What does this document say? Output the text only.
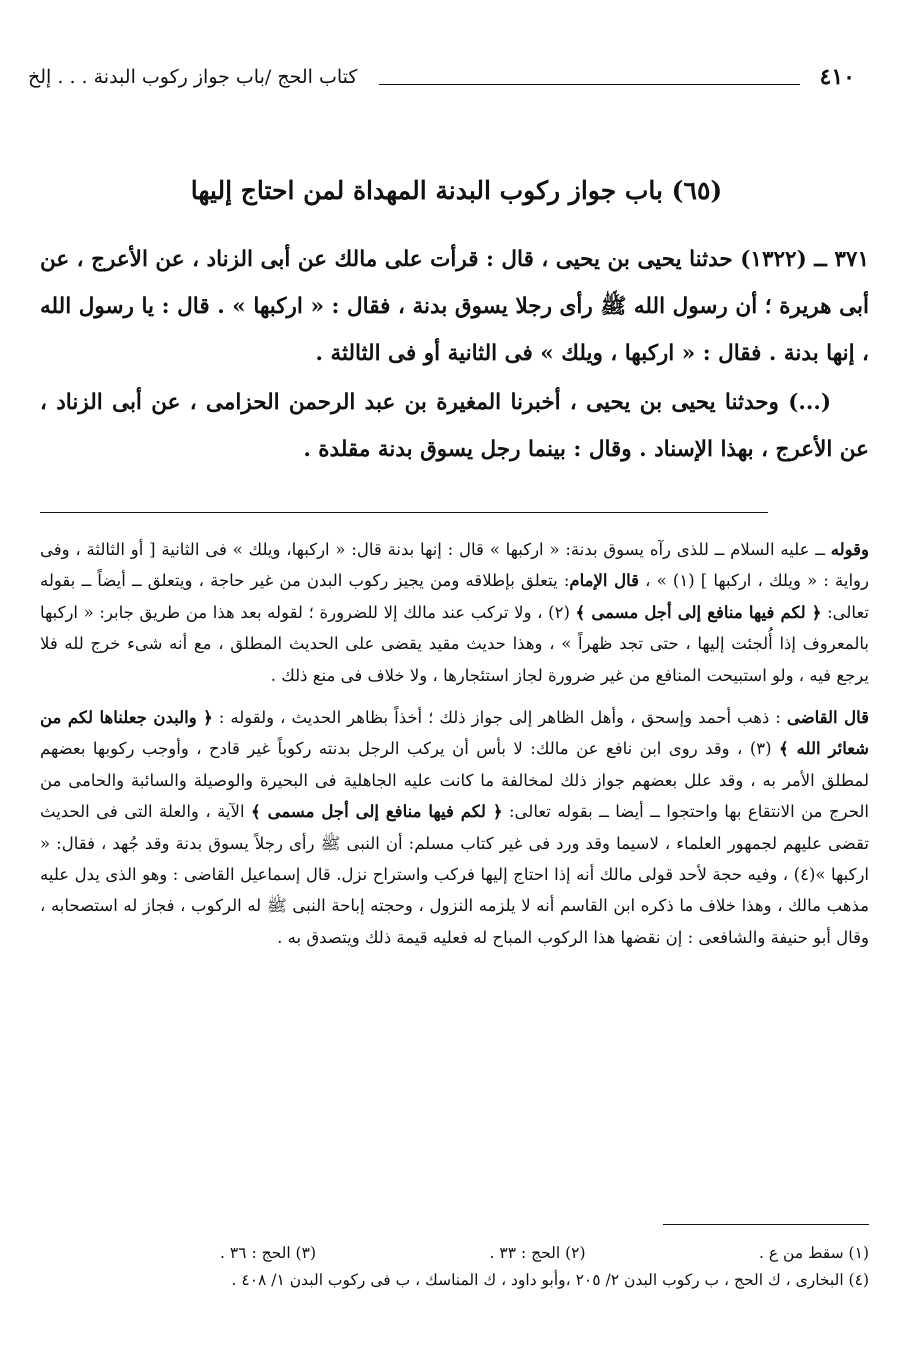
٤١٠
كتاب الحج /باب جواز ركوب البدنة . . . إلخ
(٦٥) باب جواز ركوب البدنة المهداة لمن احتاج إليها

٣٧١ ــ (١٣٢٢) حدثنا يحيى بن يحيى ، قال : قرأت على مالك عن أبى الزناد ، عن الأعرج ، عن أبى هريرة ؛ أن رسول الله ﷺ رأى رجلا يسوق بدنة ، فقال : « اركبها » . قال : يا رسول الله ، إنها بدنة . فقال : « اركبها ، ويلك » فى الثانية أو فى الثالثة .

(...) وحدثنا يحيى بن يحيى ، أخبرنا المغيرة بن عبد الرحمن الحزامى ، عن أبى الزناد ، عن الأعرج ، بهذا الإسناد . وقال : بينما رجل يسوق بدنة مقلدة .

وقوله ــ عليه السلام ــ للذى رآه يسوق بدنة: « اركبها » قال : إنها بدنة قال: « اركبها، ويلك » فى الثانية [ أو الثالثة ، وفى رواية : « ويلك ، اركبها ] (١) » ، قال الإمام: يتعلق بإطلاقه ومن يجيز ركوب البدن من غير حاجة ، ويتعلق ــ أيضاً ــ بقوله تعالى: ﴿ لكم فيها منافع إلى أجل مسمى ﴾ (٢) ، ولا تركب عند مالك إلا للضرورة ؛ لقوله بعد هذا من طريق جابر: « اركبها بالمعروف إذا أُلجئت إليها ، حتى تجد ظهراً » ، وهذا حديث مقيد يقضى على الحديث المطلق ، مع أنه شىء خرج لله فلا يرجع فيه ، ولو استبيحت المنافع من غير ضرورة لجاز استئجارها ، ولا خلاف فى منع ذلك .

قال القاضى : ذهب أحمد وإسحق ، وأهل الظاهر إلى جواز ذلك ؛ أخذاً بظاهر الحديث ، ولقوله : ﴿ والبدن جعلناها لكم من شعائر الله ﴾ (٣) ، وقد روى ابن نافع عن مالك: لا بأس أن يركب الرجل بدنته ركوباً غير قادح ، وأوجب ركوبها بعضهم لمطلق الأمر به ، وقد علل بعضهم جواز ذلك لمخالفة ما كانت عليه الجاهلية فى البحيرة والوصيلة والسائبة والحامى من الحرج من الانتقاع بها واحتجوا ــ أيضا ــ بقوله تعالى: ﴿ لكم فيها منافع إلى أجل مسمى ﴾ الآية ، والعلة التى فى الحديث تقضى عليهم لجمهور العلماء ، لاسيما وقد ورد فى غير كتاب مسلم: أن النبى ﷺ رأى رجلاً يسوق بدنة وقد جُهد ، فقال: « اركبها »(٤) ، وفيه حجة لأحد قولى مالك أنه إذا احتاج إليها فركب واستراح نزل. قال إسماعيل القاضى : وهو الذى يدل عليه مذهب مالك ، وهذا خلاف ما ذكره ابن القاسم أنه لا يلزمه النزول ، وحجته إباحة النبى ﷺ له الركوب ، فجاز له استصحابه ، وقال أبو حنيفة والشافعى : إن نقضها هذا الركوب المباح له فعليه قيمة ذلك ويتصدق به .

(١) سقط من ع .
(٢) الحج : ٣٣ .
(٣) الحج : ٣٦ .
(٤) البخارى ، ك الحج ، ب ركوب البدن ٢/ ٢٠٥ ،وأبو داود ، ك المناسك ، ب فى ركوب البدن ١/ ٤٠٨ .
